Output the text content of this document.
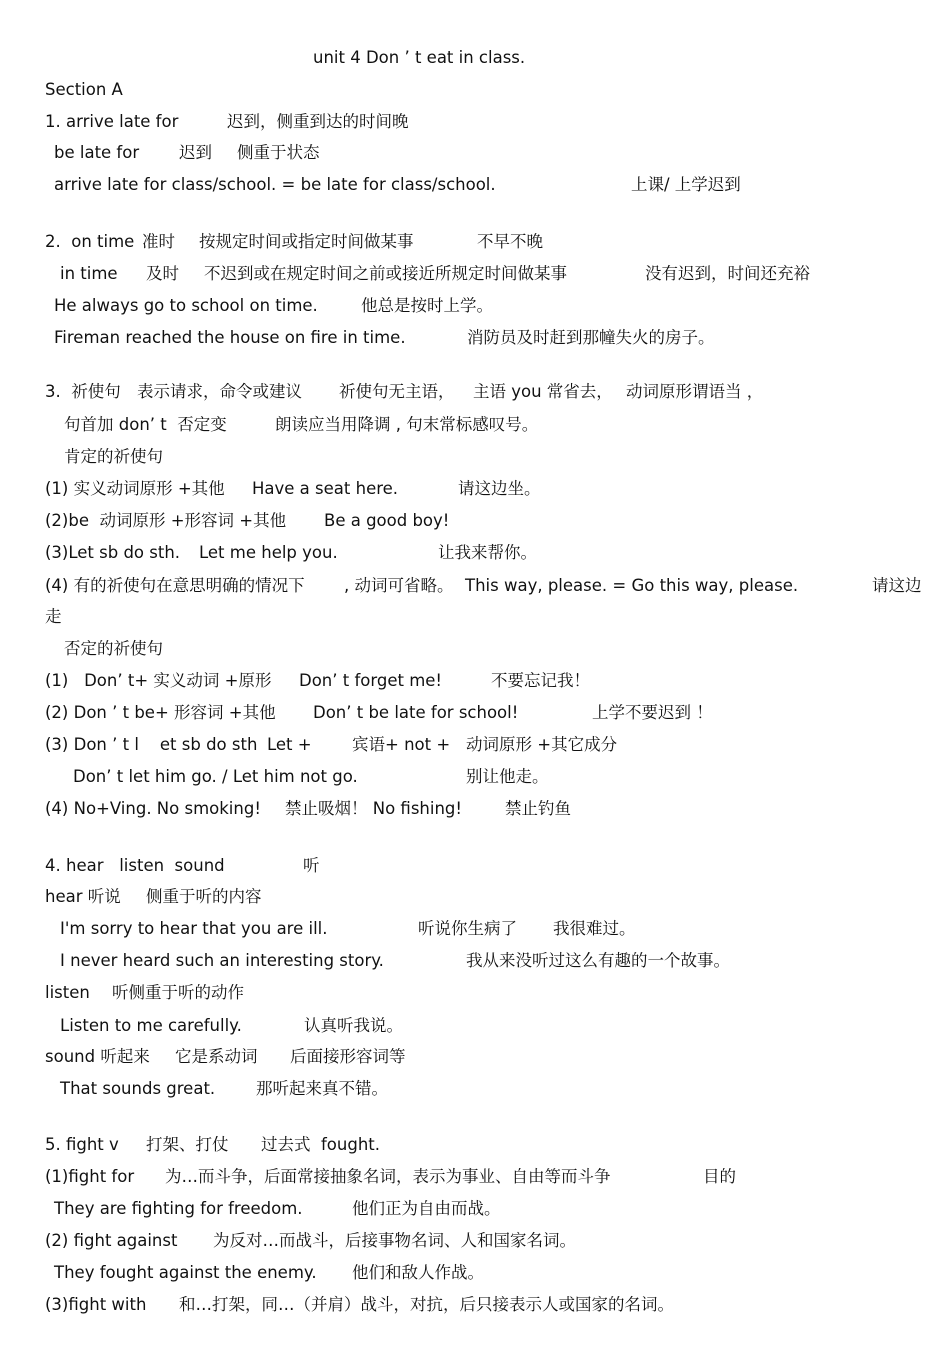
unit 4 Don ’ t eat in class.
Section A
1. arrive late for	迟到，侧重到达的时间晚
be late for 迟到 侧重于状态
arrive late for class/school. = be late for class/school.	上课/ 上学迟到
2.  on time 准时 按规定时间或指定时间做某事	不早不晚
in time 及时 不迟到或在规定时间之前或接近所规定时间做某事	没有迟到，时间还充裕
He always go to school on time.	他总是按时上学。
Fireman reached the house on fire in time.	消防员及时赶到那幢失火的房子。
3.  祈使句 表示请求，命令或建议 祈使句无主语， 主语 you 常省去， 动词原形谓语当 ，
句首加 don’ t  否定变	朗读应当用降调 , 句末常标感叹号。
肯定的祈使句
(1) 实义动词原形 +其他 Have a seat here.	请这边坐。
(2)be  动词原形 +形容词 +其他 Be a good boy!
(3)Let sb do sth. Let me help you.	让我来帮你。
(4) 有的祈使句在意思明确的情况下 , 动词可省略。 This way, please. = Go this way, please.	请这边
走
否定的祈使句
(1)   Don’ t+ 实义动词 +原形 Don’ t forget me!	不要忘记我！
(2) Don ’ t be+ 形容词 +其他 Don’ t be late for school!	上学不要迟到 ！
(3) Don ’ t l    et sb do sth Let + 宾语+ not + 动词原形 +其它成分
Don’ t let him go. / Let him not go.	别让他走。
(4) No+Ving. No smoking! 禁止吸烟！ No fishing!	禁止钓鱼
4. hear   listen  sound	听
hear 听说 侧重于听的内容
I'm sorry to hear that you are ill.	听说你生病了 我很难过。
I never heard such an interesting story.	我从来没听过这么有趣的一个故事。
listen 听侧重于听的动作
Listen to me carefully.	认真听我说。
sound 听起来 它是系动词 后面接形容词等
That sounds great. 那听起来真不错。
5. fight v 打架、打仗 过去式  fought.
(1)fight for 为…而斗争，后面常接抽象名词，表示为事业、自由等而斗争	目的
They are fighting for freedom.	他们正为自由而战。
(2) fight against 为反对…而战斗，后接事物名词、人和国家名词。
They fought against the enemy. 他们和敌人作战。
(3)fight with 和…打架，同…（并肩）战斗，对抗，后只接表示人或国家的名词。
